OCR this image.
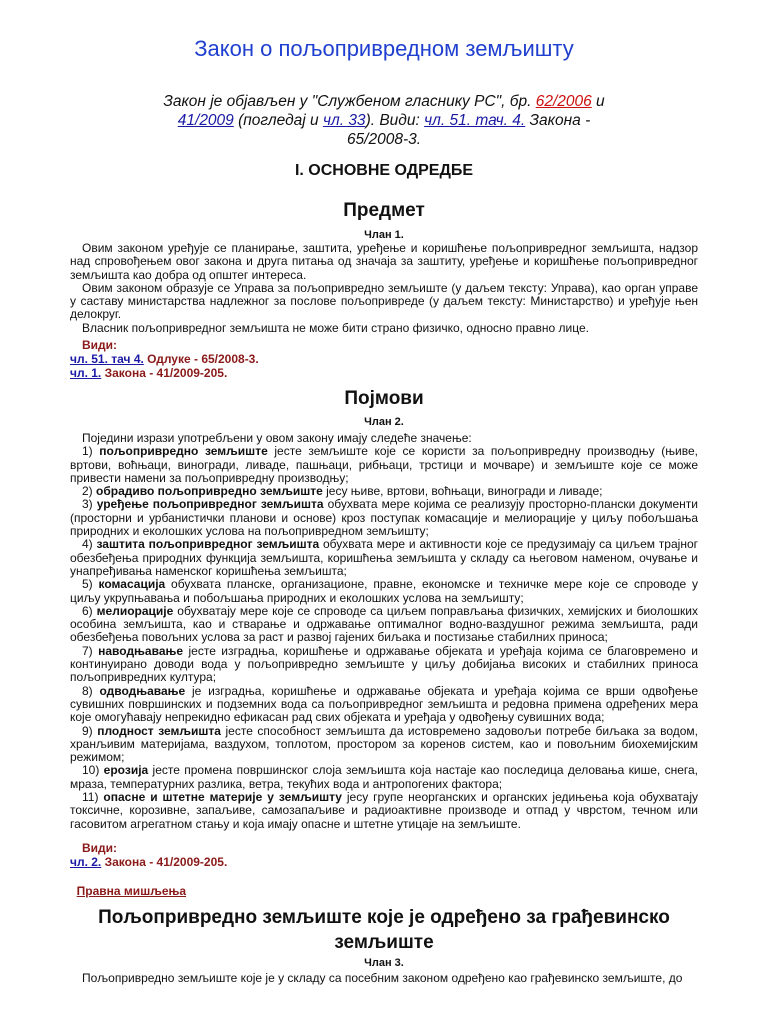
Закон о пољопривредном земљишту
Закон је објављен у "Службеном гласнику РС", бр. 62/2006 и 41/2009 (погледај и чл. 33). Види: чл. 51. тач. 4. Закона - 65/2008-3.
I. ОСНОВНЕ ОДРЕДБЕ
Предмет
Члан 1.

Овим законом уређује се планирање, заштита, уређење и коришћење пољопривредног земљишта, надзор над спровођењем овог закона и друга питања од значаја за заштиту, уређење и коришћење пољопривредног земљишта као добра од општег интереса.

Овим законом образује се Управа за пољопривредно земљиште (у даљем тексту: Управа), као орган управе у саставу министарства надлежног за послове пољопривреде (у даљем тексту: Министарство) и уређује њен делокруг.

Власник пољопривредног земљишта не може бити страно физичко, односно правно лице.

Види:
чл. 51. тач 4. Одлуке - 65/2008-3.
чл. 1. Закона - 41/2009-205.
Појмови
Члан 2.

Поједини изрази употребљени у овом закону имају следеће значење:

1) пољопривредно земљиште јесте земљиште које се користи за пољопривредну производњу (њиве, вртови, воћњаци, виногради, ливаде, пашњаци, рибњаци, трстици и мочваре) и земљиште које се може привести намени за пољопривредну производњу;

2) обрадиво пољопривредно земљиште јесу њиве, вртови, воћњаци, виногради и ливаде;

3) уређење пољопривредног земљишта обухвата мере којима се реализују просторно-плански документи (просторни и урбанистички планови и основе) кроз поступак комасације и мелиорације у циљу побољшања природних и еколошких услова на пољопривредном земљишту;

4) заштита пољопривредног земљишта обухвата мере и активности које се предузимају са циљем трајног обезбеђења природних функција земљишта, коришћења земљишта у складу са његовом наменом, очување и унапређивања наменског коришћења земљишта;

5) комасација обухвата планске, организационе, правне, економске и техничке мере које се спроводе у циљу укрупњавања и побољшања природних и еколошких услова на земљишту;

6) мелиорације обухватају мере које се спроводе са циљем поправљања физичких, хемијских и биолошких особина земљишта, као и стварање и одржавање оптималног водно-ваздушног режима земљишта, ради обезбеђења повољних услова за раст и развој гајених биљака и постизање стабилних приноса;

7) наводњавање јесте изградња, коришћење и одржавање објеката и уређаја којима се благовремено и континуирано доводи вода у пољопривредно земљиште у циљу добијања високих и стабилних приноса пољопривредних култура;

8) одводњавање је изградња, коришћење и одржавање објеката и уређаја којима се врши одвођење сувишних површинских и подземних вода са пољопривредног земљишта и редовна примена одређених мера које омогућавају непрекидно ефикасан рад свих објеката и уређаја у одвођењу сувишних вода;

9) плодност земљишта јесте способност земљишта да истовремено задовољи потребе биљака за водом, хранљивим материјама, ваздухом, топлотом, простором за коренов систем, као и повољним биохемијским режимом;

10) ерозија јесте промена површинског слоја земљишта која настаје као последица деловања кише, снега, мраза, температурних разлика, ветра, текућих вода и антропогених фактора;

11) опасне и штетне материје у земљишту јесу групе неорганских и органских једињења која обухватају токсичне, корозивне, запаљиве, самозапаљиве и радиоактивне производе и отпад у чврстом, течном или гасовитом агрегатном стању и која имају опасне и штетне утицаје на земљиште.

Види:
чл. 2. Закона - 41/2009-205.
Правна мишљења
Пољопривредно земљиште које је одређено за грађевинско земљиште
Члан 3.

Пољопривредно земљиште које је у складу са посебним законом одређено као грађевинско земљиште, до
